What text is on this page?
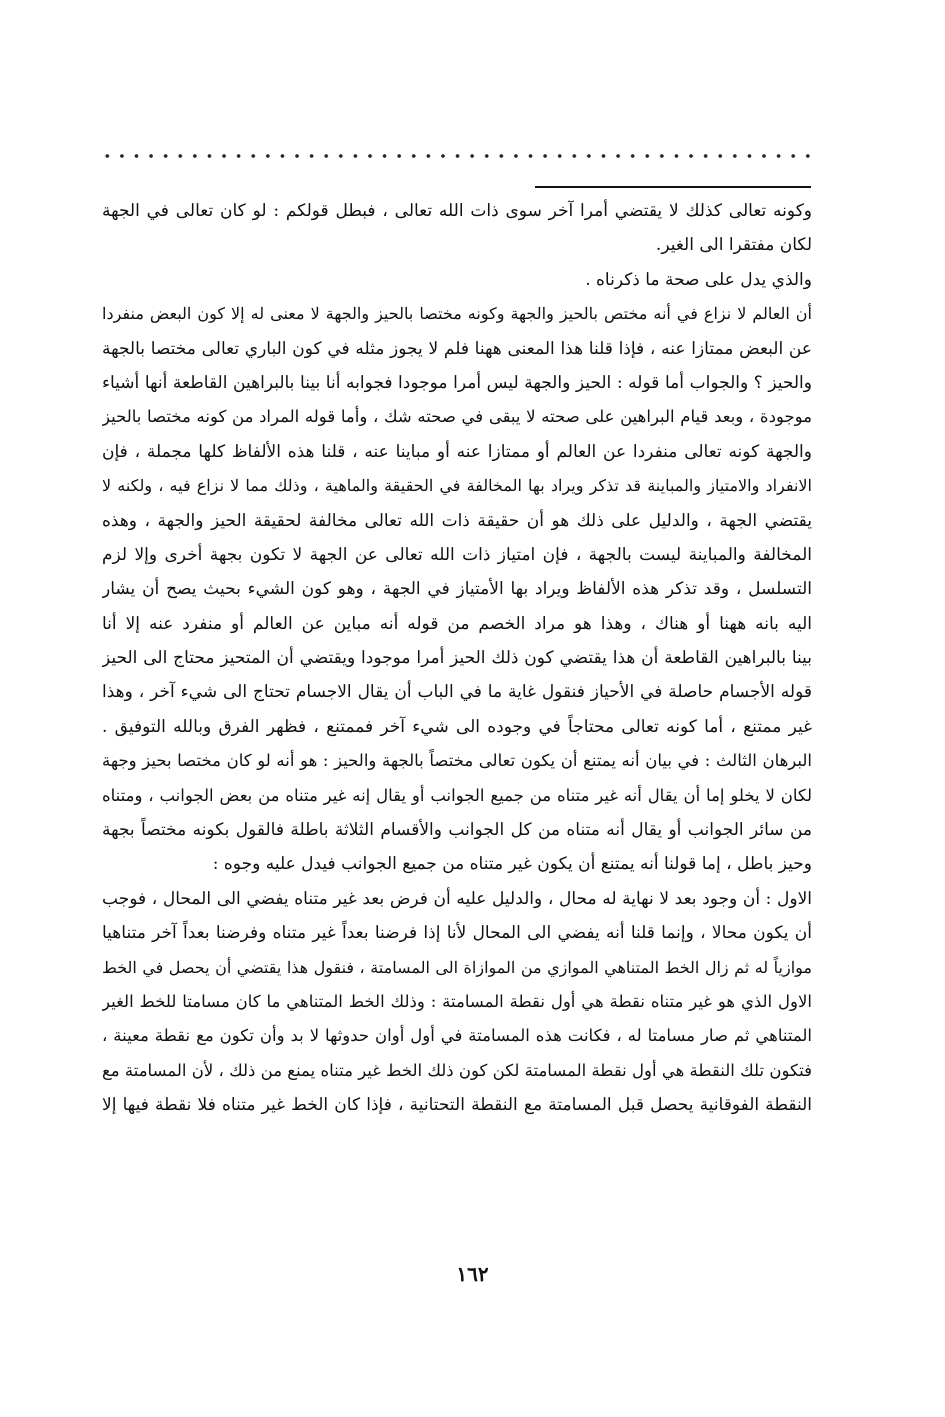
وكونه تعالى كذلك لا يقتضي أمرا آخر سوى ذات الله تعالى ، فبطل قولكم : لو كان تعالى في الجهة
لكان مفتقرا الى الغير.
والذي يدل على صحة ما ذكرناه .
أن العالم لا نزاع في أنه مختص بالحيز والجهة وكونه مختصا بالحيز والجهة لا معنى له إلا كون البعض منفردا
عن البعض ممتازا عنه ، فإذا قلنا هذا المعنى ههنا فلم لا يجوز مثله في كون الباري تعالى مختصا بالجهة
والحيز ؟ والجواب أما قوله : الحيز والجهة ليس أمرا موجودا فجوابه أنا بينا بالبراهين القاطعة أنها أشياء
موجودة ، وبعد قيام البراهين على صحته لا يبقى في صحته شك ، وأما قوله المراد من كونه مختصا بالحيز
والجهة كونه تعالى منفردا عن العالم أو ممتازا عنه أو مباينا عنه ، قلنا هذه الألفاظ كلها مجملة ، فإن
الانفراد والامتياز والمباينة قد تذكر ويراد بها المخالفة في الحقيقة والماهية ، وذلك مما لا نزاع فيه ، ولكنه لا
يقتضي الجهة ، والدليل على ذلك هو أن حقيقة ذات الله تعالى مخالفة لحقيقة الحيز والجهة ، وهذه
المخالفة والمباينة ليست بالجهة ، فإن امتياز ذات الله تعالى عن الجهة لا تكون بجهة أخرى وإلا لزم
التسلسل ، وقد تذكر هذه الألفاظ ويراد بها الأمتياز في الجهة ، وهو كون الشيء بحيث يصح أن يشار
اليه بانه ههنا أو هناك ، وهذا هو مراد الخصم من قوله أنه مباين عن العالم أو منفرد عنه إلا أنا
بينا بالبراهين القاطعة أن هذا يقتضي كون ذلك الحيز أمرا موجودا ويقتضي أن المتحيز محتاج الى الحيز
قوله الأجسام حاصلة في الأحياز فنقول غاية ما في الباب أن يقال الاجسام تحتاج الى شيء آخر ، وهذا
غير ممتنع ، أما كونه تعالى محتاجاً في وجوده الى شيء آخر فممتنع ، فظهر الفرق وبالله التوفيق .
البرهان الثالث : في بيان أنه يمتنع أن يكون تعالى مختصاً بالجهة والحيز : هو أنه لو كان مختصا بحيز وجهة
لكان لا يخلو إما أن يقال أنه غير متناه من جميع الجوانب أو يقال إنه غير متناه من بعض الجوانب ، ومتناه
من سائر الجوانب أو يقال أنه متناه من كل الجوانب والأقسام الثلاثة باطلة فالقول بكونه مختصاً بجهة
وحيز باطل ، إما قولنا أنه يمتنع أن يكون غير متناه من جميع الجوانب فيدل عليه وجوه :
الاول : أن وجود بعد لا نهاية له محال ، والدليل عليه أن فرض بعد غير متناه يفضي الى المحال ، فوجب
أن يكون محالا ، وإنما قلنا أنه يفضي الى المحال لأنا إذا فرضنا بعداً غير متناه وفرضنا بعداً آخر متناهيا
موازياً له ثم زال الخط المتناهي الموازي من الموازاة الى المسامتة ، فنقول هذا يقتضي أن يحصل في الخط
الاول الذي هو غير متناه نقطة هي أول نقطة المسامتة : وذلك الخط المتناهي ما كان مسامتا للخط الغير
المتناهي ثم صار مسامتا له ، فكانت هذه المسامتة في أول أوان حدوثها لا بد وأن تكون مع نقطة معينة ،
فتكون تلك النقطة هي أول نقطة المسامتة لكن كون ذلك الخط غير متناه يمنع من ذلك ، لأن المسامتة مع
النقطة الفوقانية يحصل قبل المسامتة مع النقطة التحتانية ، فإذا كان الخط غير متناه فلا نقطة فيها إلا
١٦٢
